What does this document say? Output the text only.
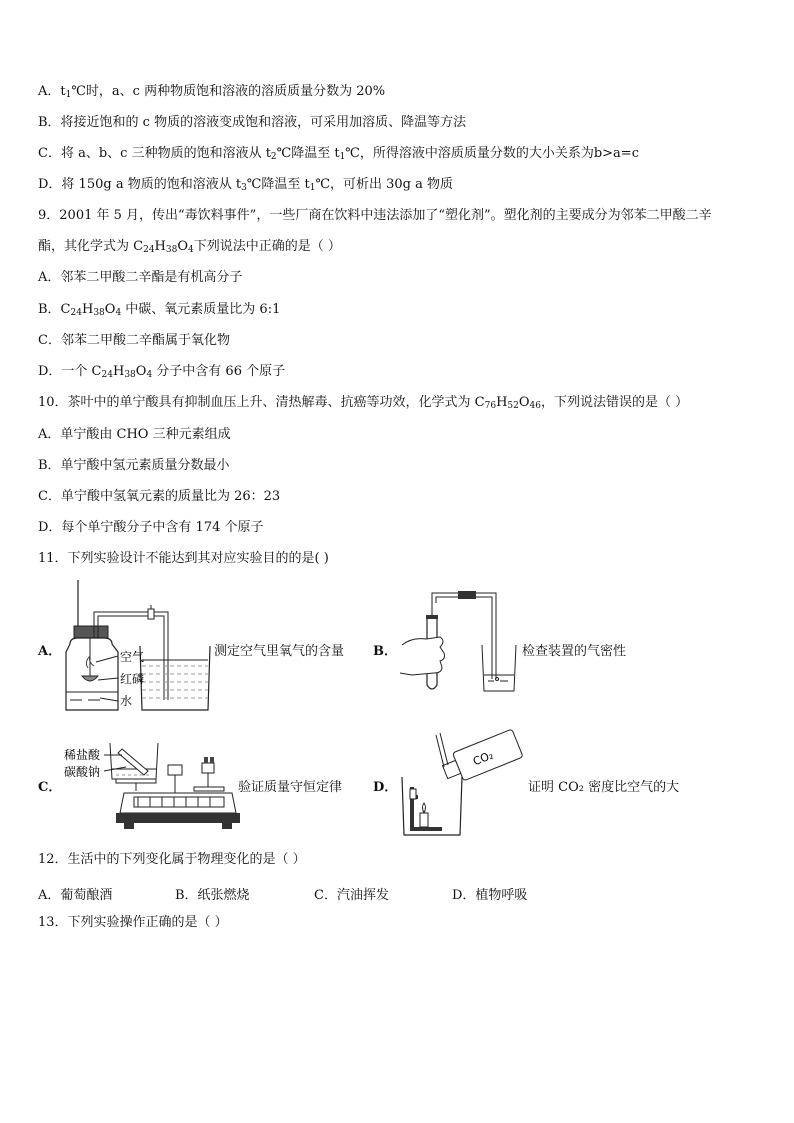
A．$t_1℃$时，a、c 两种物质饱和溶液的溶质质量分数为 20%
B．将接近饱和的 c 物质的溶液变成饱和溶液，可采用加溶质、降温等方法
C．将 a、b、c 三种物质的饱和溶液从 $t_2℃$降温至 $t_1℃$，所得溶液中溶质质量分数的大小关系为b>a=c
D．将 150g a 物质的饱和溶液从 $t_3℃$降温至 $t_1℃$，可析出 30g a 物质
9．2001 年 5 月，传出“毒饮料事件”，一些厂商在饮料中违法添加了“塑化剂”。塑化剂的主要成分为邻苯二甲酸二辛
酯，其化学式为 $C_{24}H_{38}O_4$下列说法中正确的是（ ）
A．邻苯二甲酸二辛酯是有机高分子
B．$C_{24}H_{38}O_4$ 中碳、氧元素质量比为 6:1
C．邻苯二甲酸二辛酯属于氧化物
D．一个 $C_{24}H_{38}O_4$ 分子中含有 66 个原子
10．茶叶中的单宁酸具有抑制血压上升、清热解毒、抗癌等功效，化学式为 $C_{76}H_{52}O_{46}$，下列说法错误的是（ ）
A．单宁酸由 CHO 三种元素组成
B．单宁酸中氢元素质量分数最小
C．单宁酸中氢氧元素的质量比为 26：23
D．每个单宁酸分子中含有 174 个原子
11．下列实验设计不能达到其对应实验目的的是( )
A．	空气
红磷
水
测定空气里氧气的含量 B．	检查装置的气密性
C．
稀盐酸
碳酸钠
验证质量守恒定律 D．
CO₂
证明 CO₂ 密度比空气的大
12．生活中的下列变化属于物理变化的是（ ）
A．葡萄酿酒	B．纸张燃烧	C．汽油挥发	D．植物呼吸
13．下列实验操作正确的是（ ）
